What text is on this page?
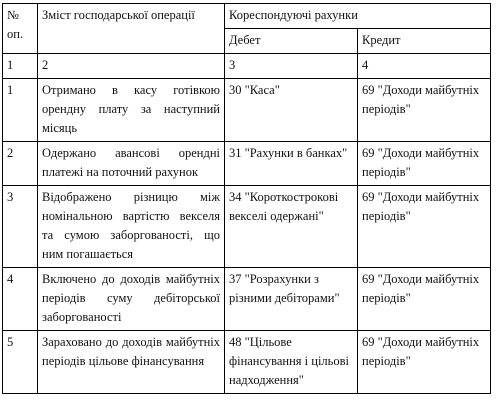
№
оп.	Зміст господарської операції	Кореспондуючі рахунки	
		Дебет	Кредит
1	2	3	4
1	Отримано в касу готівкою орендну плату за наступний місяць	30 "Каса"	69 "Доходи майбутніх періодів"
2	Одержано авансові орендні платежі на поточний рахунок	31 "Рахунки в банках"	69 "Доходи майбутніх періодів"
3	Відображено різницю між номінальною вартістю векселя та сумою заборгованості, що ним погашається	34 "Короткострокові векселі одержані"	69 "Доходи майбутніх періодів"
4	Включено до доходів майбутніх періодів суму дебіторської заборгованості	37 "Розрахунки з різними дебіторами"	69 "Доходи майбутніх періодів"
5	Зараховано до доходів майбутніх періодів цільове фінансування	48 "Цільове фінансування і цільові надходження"	69 "Доходи майбутніх періодів"
